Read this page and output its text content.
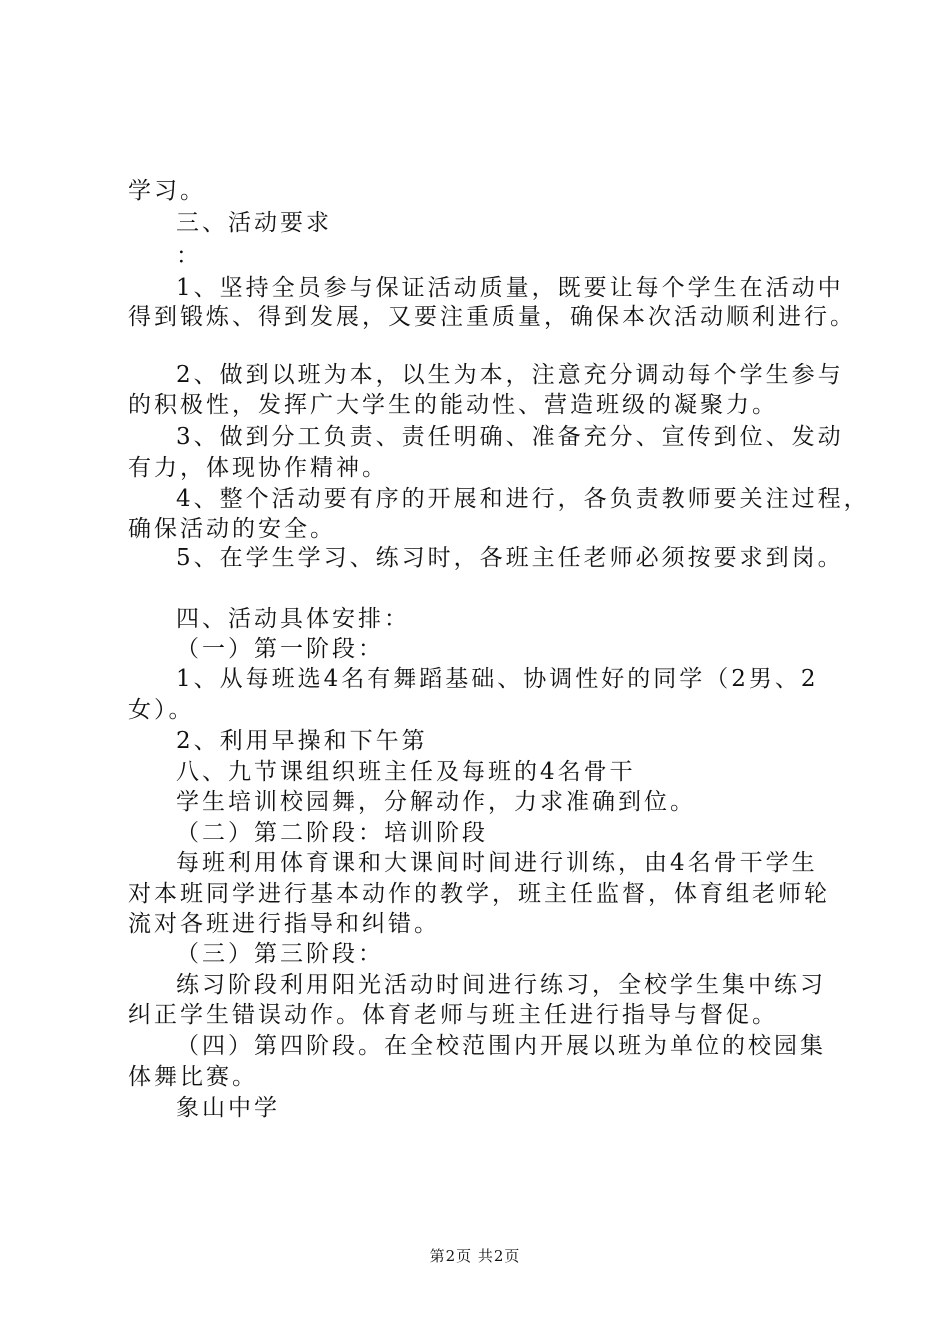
学习。
三、活动要求
：
1、坚持全员参与保证活动质量，既要让每个学生在活动中
得到锻炼、得到发展，又要注重质量，确保本次活动顺利进行。
2、做到以班为本，以生为本，注意充分调动每个学生参与
的积极性，发挥广大学生的能动性、营造班级的凝聚力。
3、做到分工负责、责任明确、准备充分、宣传到位、发动
有力，体现协作精神。
4、整个活动要有序的开展和进行，各负责教师要关注过程，
确保活动的安全。
5、在学生学习、练习时，各班主任老师必须按要求到岗。
四、活动具体安排：
（一）第一阶段：
1、从每班选4名有舞蹈基础、协调性好的同学（2男、2
女）。
2、利用早操和下午第
八、九节课组织班主任及每班的4名骨干
学生培训校园舞，分解动作，力求准确到位。
（二）第二阶段：培训阶段
每班利用体育课和大课间时间进行训练，由4名骨干学生
对本班同学进行基本动作的教学，班主任监督，体育组老师轮
流对各班进行指导和纠错。
（三）第三阶段：
练习阶段利用阳光活动时间进行练习，全校学生集中练习
纠正学生错误动作。体育老师与班主任进行指导与督促。
（四）第四阶段。在全校范围内开展以班为单位的校园集
体舞比赛。
象山中学
第2页 共2页
